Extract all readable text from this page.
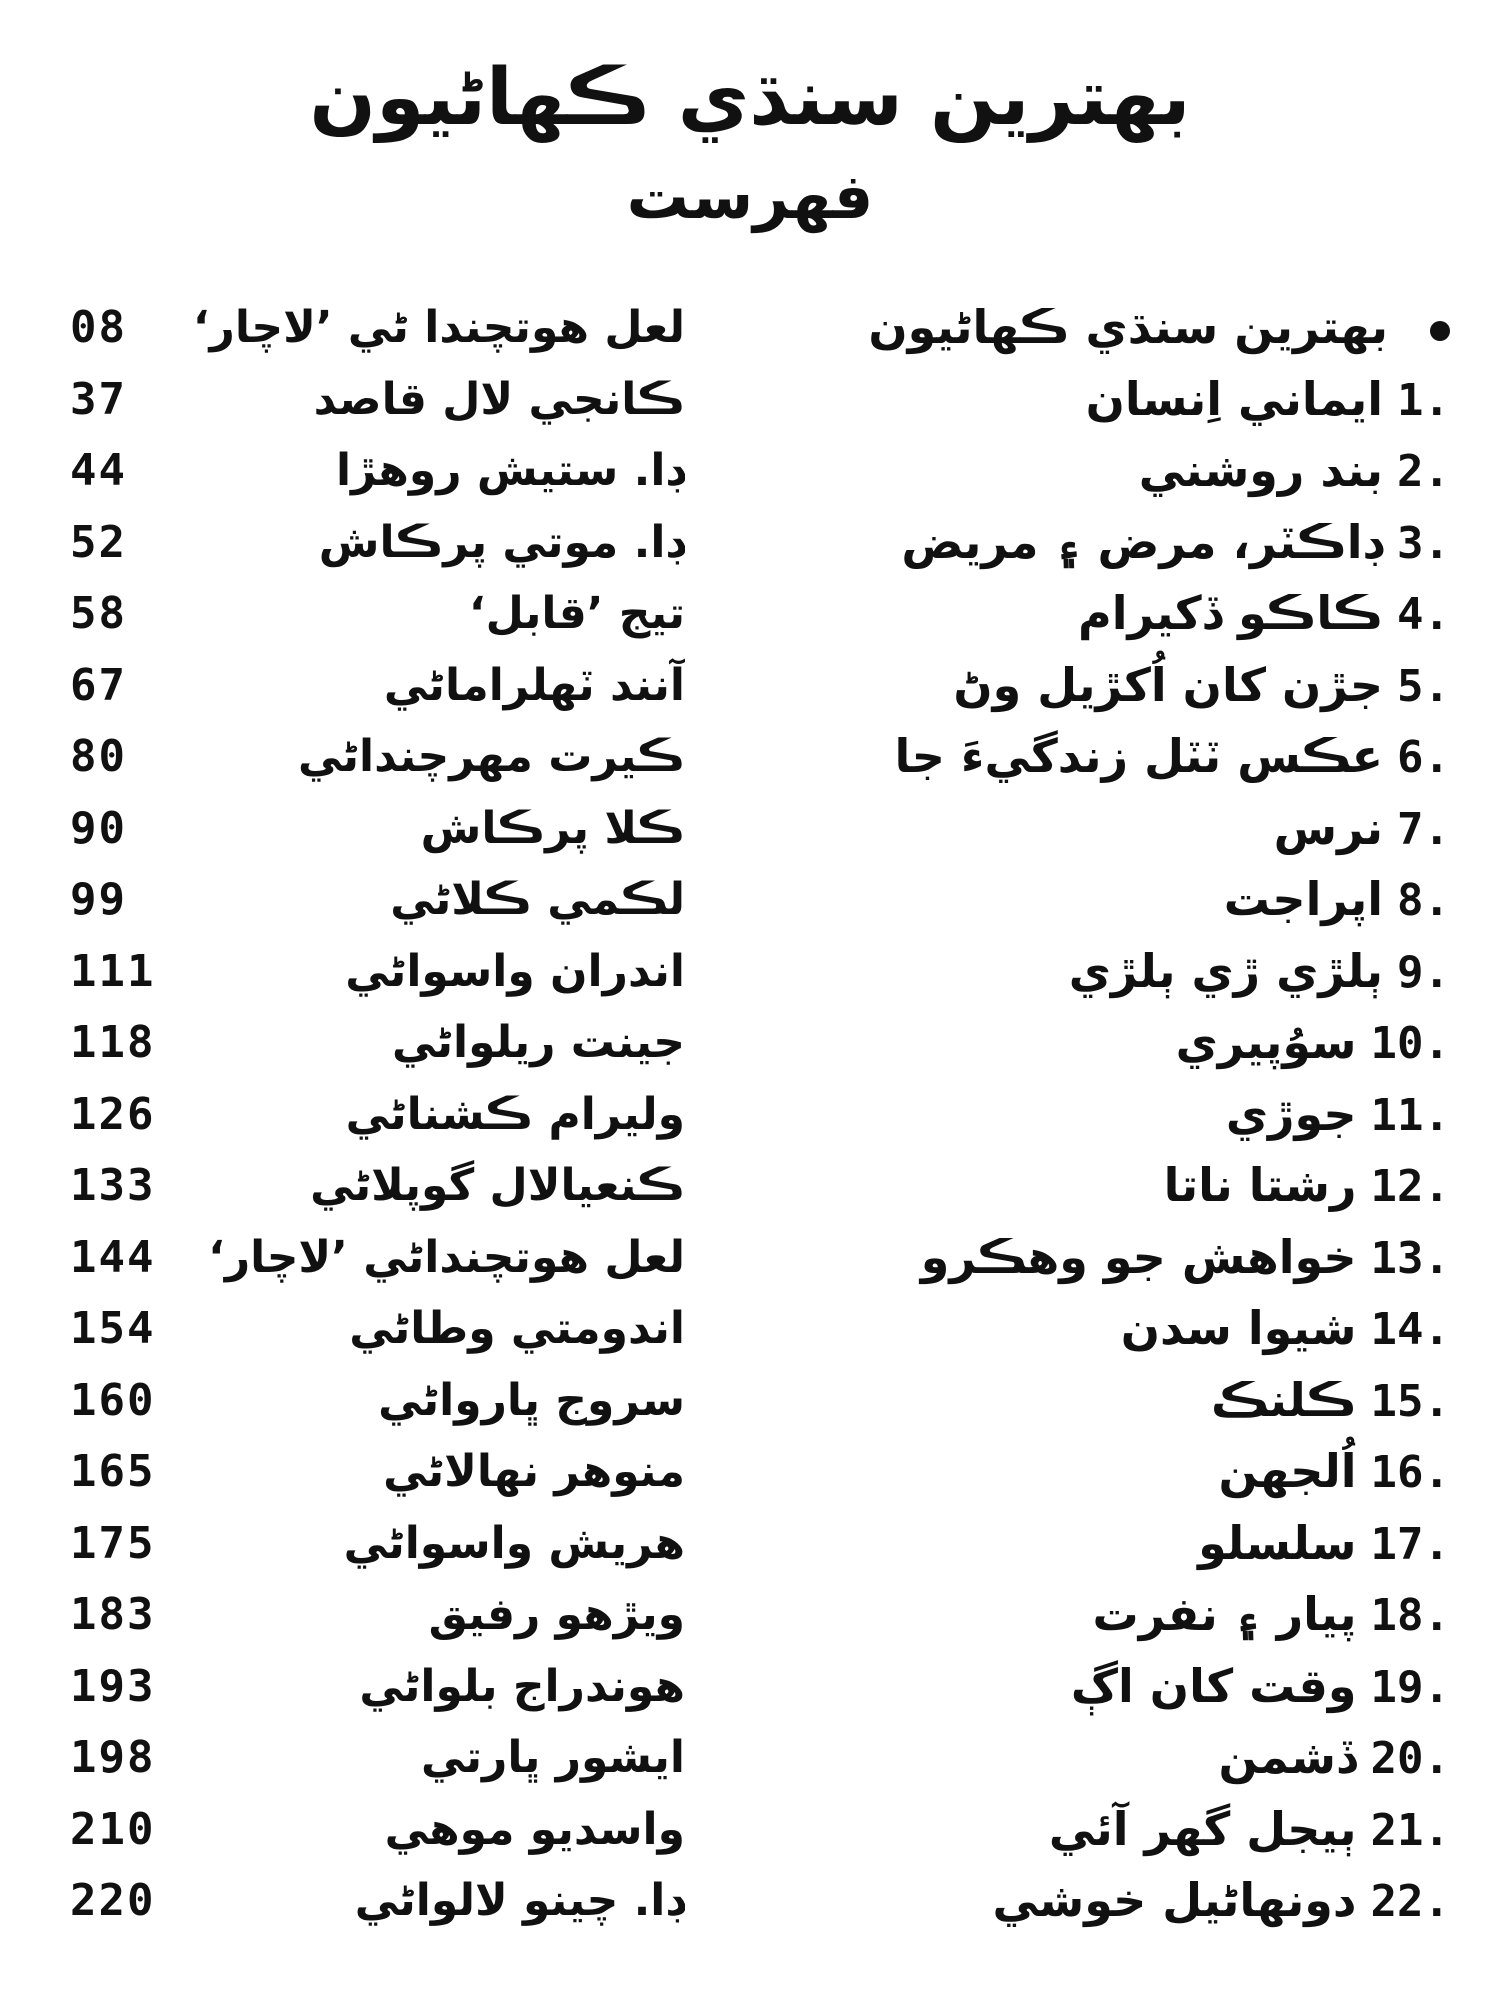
بهترين سنڌي ڪهاڻيون
فهرست
بهترين سنڌي ڪهاڻيون
لعل هوتچندا ڻي ’لاچار‘
08
1.ايماني اِنسان
ڪانجي لال قاصد
37
2.بند روشني
ڊا. ستيش روهڙا
44
3.ڊاڪٽر، مرض ۽ مريض
ڊا. موتي پرڪاش
52
4.ڪاڪو ڏکيرام
تيج ’قابل‘
58
5.جڙن کان اُکڙيل وڻ
آنند ٽهلراماڻي
67
6.عڪس ٽٽل زندگيءَ جا
ڪيرت مهرچنداڻي
80
7.نرس
ڪلا پرڪاش
90
8.اپراجت
لڪمي ڪلاڻي
99
9.ٻلڙي ڙي ٻلڙي
اندران واسواڻي
111
10.سوُپيري
جينت ريلواڻي
118
11.جوڙي
وليرام ڪشناڻي
126
12.رشتا ناتا
ڪنعيالال گوپلاڻي
133
13.خواهش جو وهڪرو
لعل هوتچنداڻي ’لاچار‘
144
14.شيوا سدن
اندومتي وطاڻي
154
15.ڪلنڪ
سروج ڀارواڻي
160
16.اُلجهن
منوهر نهالاڻي
165
17.سلسلو
هريش واسواڻي
175
18.پيار ۽ نفرت
ويڙهو رفيق
183
19.وقت کان اڳ
هوندراج بلواڻي
193
20.ڏشمن
ايشور ڀارتي
198
21.ٻيجل گهر آئي
واسديو موهي
210
22.دونهاڻيل خوشي
ڊا. چينو لالواڻي
220
